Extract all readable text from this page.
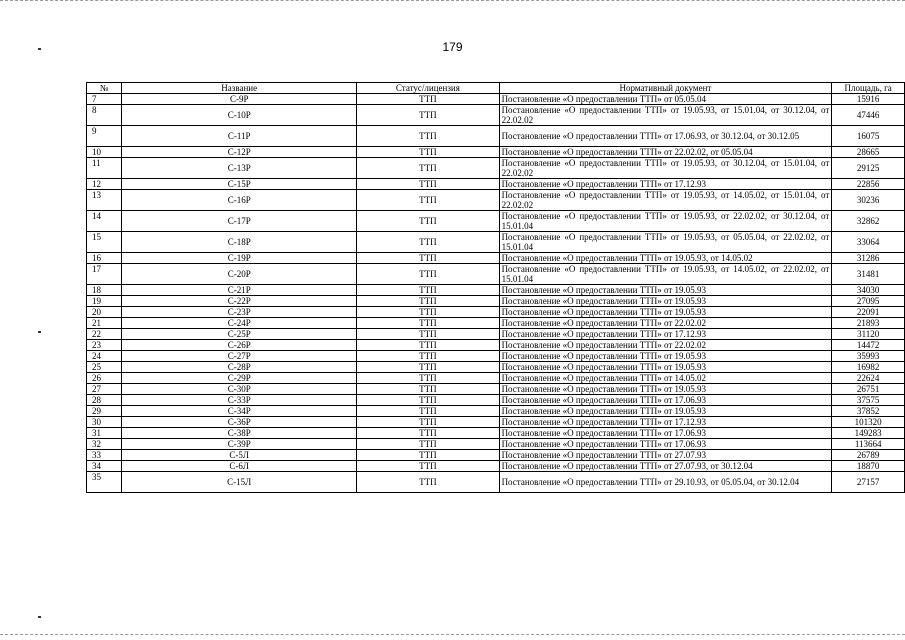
179
№	Название	Статус/лицензия	Нормативный документ	Площадь, га
7	С-9Р	ТТП	Постановление «О предоставлении ТТП» от 05.05.04	15916
8	С-10Р	ТТП	Постановление «О предоставлении ТТП» от 19.05.93, от 15.01.04, от 30.12.04, от 22.02.02	47446
9	С-11Р	ТТП	Постановление «О предоставлении ТТП» от 17.06.93, от 30.12.04, от 30.12.05	16075
10	С-12Р	ТТП	Постановление «О предоставлении ТТП» от 22.02.02, от 05.05.04	28665
11	С-13Р	ТТП	Постановление «О предоставлении ТТП» от 19.05.93, от 30.12.04, от 15.01.04, от 22.02.02	29125
12	С-15Р	ТТП	Постановление «О предоставлении ТТП» от 17.12.93	22856
13	С-16Р	ТТП	Постановление «О предоставлении ТТП» от 19.05.93, от 14.05.02, от 15.01.04, от 22.02.02	30236
14	С-17Р	ТТП	Постановление «О предоставлении ТТП» от 19.05.93, от 22.02.02, от 30.12.04, от 15.01.04	32862
15	С-18Р	ТТП	Постановление «О предоставлении ТТП» от 19.05.93, от 05.05.04, от 22.02.02, от 15.01.04	33064
16	С-19Р	ТТП	Постановление «О предоставлении ТТП» от 19.05.93, от 14.05.02	31286
17	С-20Р	ТТП	Постановление «О предоставлении ТТП» от 19.05.93, от 14.05.02, от 22.02.02, от 15.01.04	31481
18	С-21Р	ТТП	Постановление «О предоставлении ТТП» от 19.05.93	34030
19	С-22Р	ТТП	Постановление «О предоставлении ТТП» от 19.05.93	27095
20	С-23Р	ТТП	Постановление «О предоставлении ТТП» от 19.05.93	22091
21	С-24Р	ТТП	Постановление «О предоставлении ТТП» от 22.02.02	21893
22	С-25Р	ТТП	Постановление «О предоставлении ТТП» от 17.12.93	31120
23	С-26Р	ТТП	Постановление «О предоставлении ТТП» от 22.02.02	14472
24	С-27Р	ТТП	Постановление «О предоставлении ТТП» от 19.05.93	35993
25	С-28Р	ТТП	Постановление «О предоставлении ТТП» от 19.05.93	16982
26	С-29Р	ТТП	Постановление «О предоставлении ТТП» от 14.05.02	22624
27	С-30Р	ТТП	Постановление «О предоставлении ТТП» от 19.05.93	26751
28	С-33Р	ТТП	Постановление «О предоставлении ТТП» от 17.06.93	37575
29	С-34Р	ТТП	Постановление «О предоставлении ТТП» от 19.05.93	37852
30	С-36Р	ТТП	Постановление «О предоставлении ТТП» от 17.12.93	101320
31	С-38Р	ТТП	Постановление «О предоставлении ТТП» от 17.06.93	149283
32	С-39Р	ТТП	Постановление «О предоставлении ТТП» от 17.06.93	113664
33	С-5Л	ТТП	Постановление «О предоставлении ТТП» от 27.07.93	26789
34	С-6Л	ТТП	Постановление «О предоставлении ТТП» от 27.07.93, от 30.12.04	18870
35	С-15Л	ТТП	Постановление «О предоставлении ТТП» от 29.10.93, от 05.05.04, от 30.12.04	27157
